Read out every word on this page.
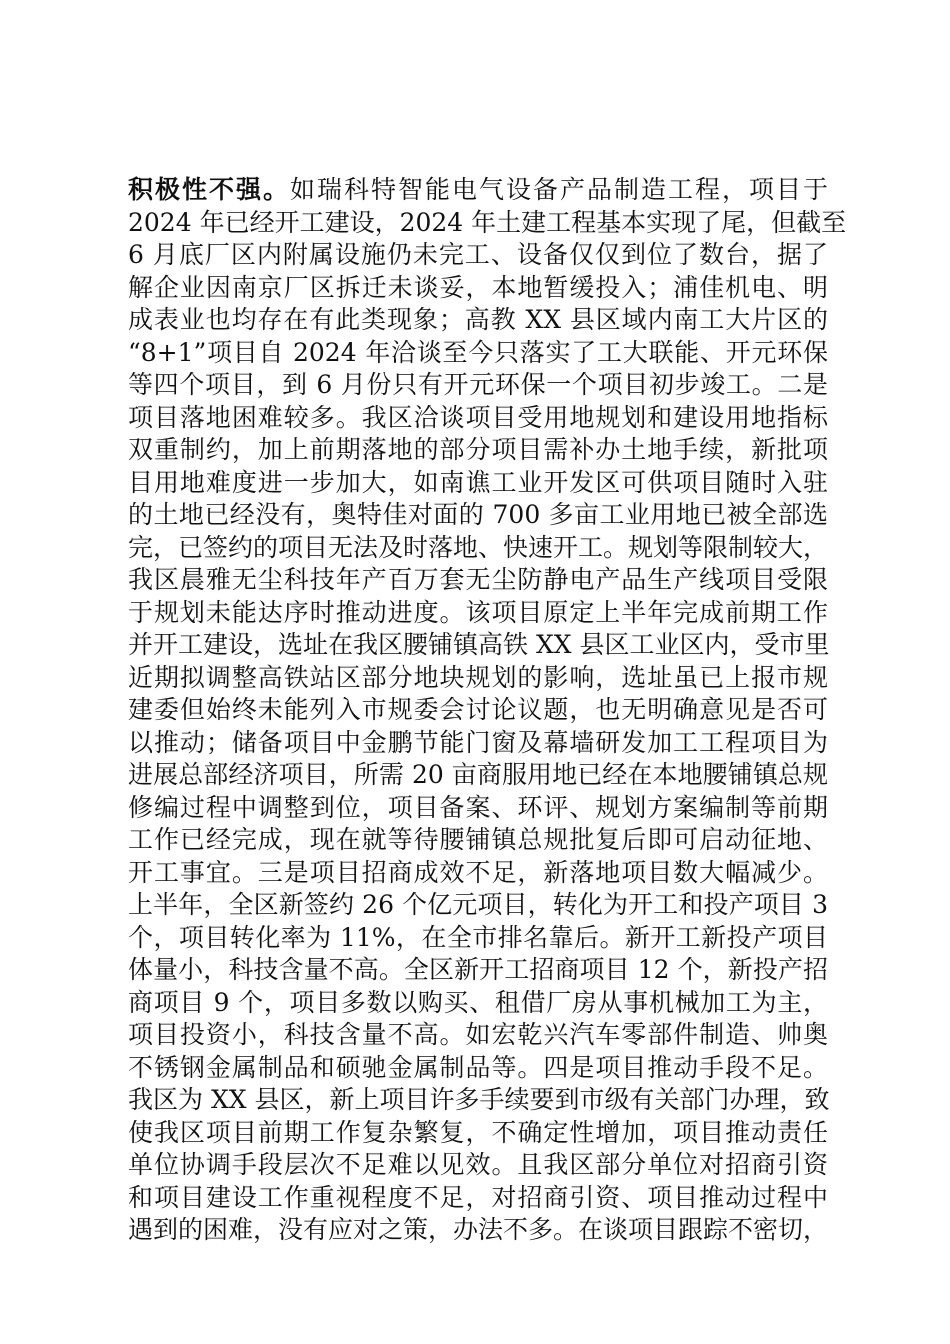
积极性不强。如瑞科特智能电气设备产品制造工程，项目于
2024 年已经开工建设，2024 年土建工程基本实现了尾，但截至
6 月底厂区内附属设施仍未完工、设备仅仅到位了数台，据了
解企业因南京厂区拆迁未谈妥，本地暂缓投入；浦佳机电、明
成表业也均存在有此类现象；高教 XX 县区域内南工大片区的
“8+1”项目自 2024 年洽谈至今只落实了工大联能、开元环保
等四个项目，到 6 月份只有开元环保一个项目初步竣工。二是
项目落地困难较多。我区洽谈项目受用地规划和建设用地指标
双重制约，加上前期落地的部分项目需补办土地手续，新批项
目用地难度进一步加大，如南谯工业开发区可供项目随时入驻
的土地已经没有，奥特佳对面的 700 多亩工业用地已被全部选
完，已签约的项目无法及时落地、快速开工。规划等限制较大，
我区晨雅无尘科技年产百万套无尘防静电产品生产线项目受限
于规划未能达序时推动进度。该项目原定上半年完成前期工作
并开工建设，选址在我区腰铺镇高铁 XX 县区工业区内，受市里
近期拟调整高铁站区部分地块规划的影响，选址虽已上报市规
建委但始终未能列入市规委会讨论议题，也无明确意见是否可
以推动；储备项目中金鹏节能门窗及幕墙研发加工工程项目为
进展总部经济项目，所需 20 亩商服用地已经在本地腰铺镇总规
修编过程中调整到位，项目备案、环评、规划方案编制等前期
工作已经完成，现在就等待腰铺镇总规批复后即可启动征地、
开工事宜。三是项目招商成效不足，新落地项目数大幅减少。
上半年，全区新签约 26 个亿元项目，转化为开工和投产项目 3
个，项目转化率为 11%，在全市排名靠后。新开工新投产项目
体量小，科技含量不高。全区新开工招商项目 12 个，新投产招
商项目 9 个，项目多数以购买、租借厂房从事机械加工为主，
项目投资小，科技含量不高。如宏乾兴汽车零部件制造、帅奥
不锈钢金属制品和硕驰金属制品等。四是项目推动手段不足。
我区为 XX 县区，新上项目许多手续要到市级有关部门办理，致
使我区项目前期工作复杂繁复，不确定性增加，项目推动责任
单位协调手段层次不足难以见效。且我区部分单位对招商引资
和项目建设工作重视程度不足，对招商引资、项目推动过程中
遇到的困难，没有应对之策，办法不多。在谈项目跟踪不密切，
